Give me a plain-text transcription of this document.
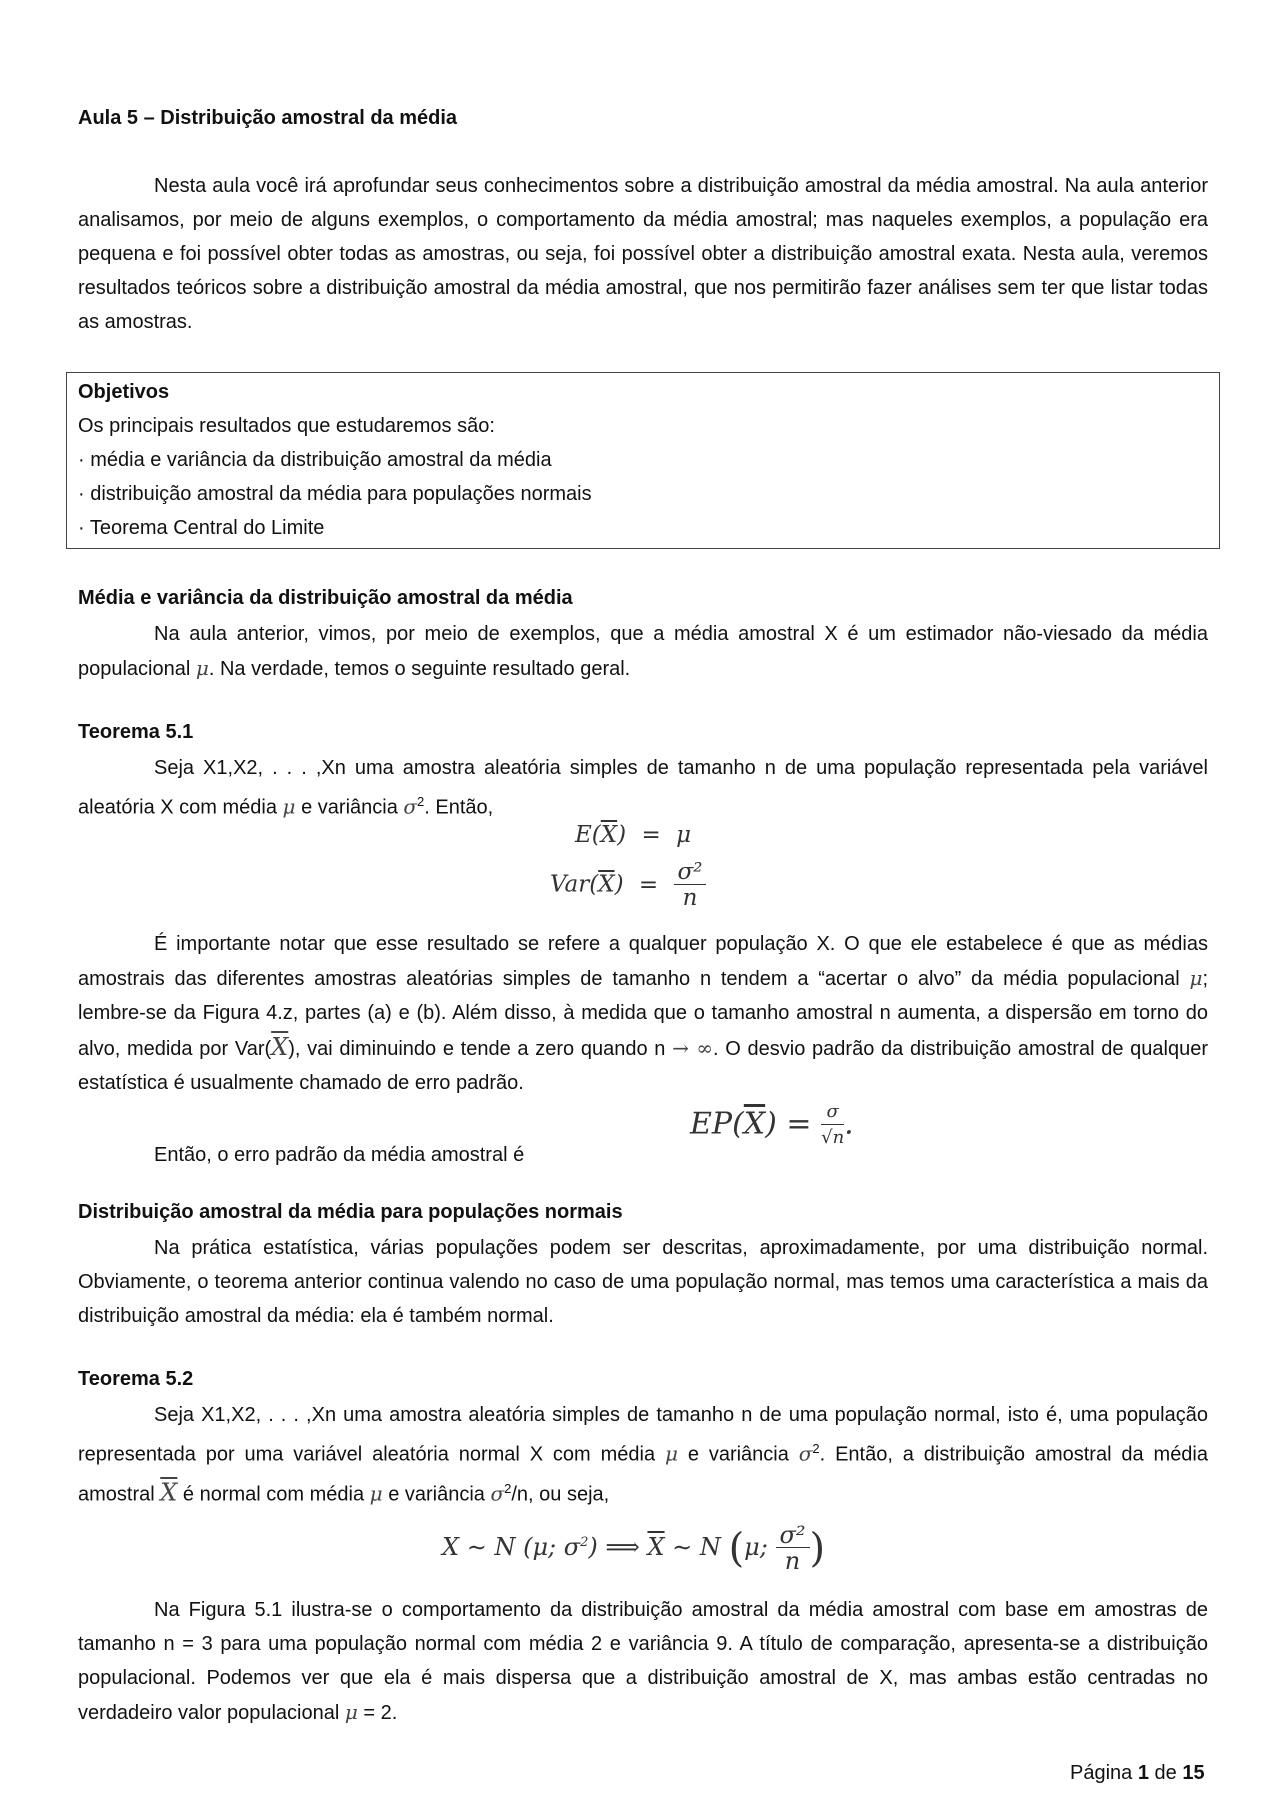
Aula 5 – Distribuição amostral da média

Nesta aula você irá aprofundar seus conhecimentos sobre a distribuição amostral da média amostral. Na aula anterior analisamos, por meio de alguns exemplos, o comportamento da média amostral; mas naqueles exemplos, a população era pequena e foi possível obter todas as amostras, ou seja, foi possível obter a distribuição amostral exata. Nesta aula, veremos resultados teóricos sobre a distribuição amostral da média amostral, que nos permitirão fazer análises sem ter que listar todas as amostras.

Objetivos
Os principais resultados que estudaremos são:
· média e variância da distribuição amostral da média
· distribuição amostral da média para populações normais
· Teorema Central do Limite

Média e variância da distribuição amostral da média

Na aula anterior, vimos, por meio de exemplos, que a média amostral X é um estimador não-viesado da média populacional μ. Na verdade, temos o seguinte resultado geral.

Teorema 5.1

Seja X1,X2, . . . ,Xn uma amostra aleatória simples de tamanho n de uma população representada pela variável aleatória X com média μ e variância $\sigma^2$. Então,

$E(\overline{X}) = \mu$
$Var(\overline{X}) = \frac{\text{σ²}}{n}$

É importante notar que esse resultado se refere a qualquer população X. O que ele estabelece é que as médias amostrais das diferentes amostras aleatórias simples de tamanho n tendem a “acertar o alvo” da média populacional μ; lembre-se da Figura 4.z, partes (a) e (b). Além disso, à medida que o tamanho amostral n aumenta, a dispersão em torno do alvo, medida por $Var(\overline{X})$, vai diminuindo e tende a zero quando n → ∞. O desvio padrão da distribuição amostral de qualquer estatística é usualmente chamado de erro padrão.

Então, o erro padrão da média amostral é

$EP(\overline{X}) = \frac{\sigma}{√n}$ .

Distribuição amostral da média para populações normais

Na prática estatística, várias populações podem ser descritas, aproximadamente, por uma distribuição normal. Obviamente, o teorema anterior continua valendo no caso de uma população normal, mas temos uma característica a mais da distribuição amostral da média: ela é também normal.

Teorema 5.2

Seja X1,X2, . . . ,Xn uma amostra aleatória simples de tamanho n de uma população normal, isto é, uma população representada por uma variável aleatória normal X com média μ e variância $\sigma^2$. Então, a distribuição amostral da média amostral $\overline{X}$ é normal com média μ e variância $\sigma^2/n$, ou seja,

X ∼ N (μ; $\sigma^2$) ⟹ $\overline{X}$ ∼ N (μ; $\frac{\text{σ²}}{n}$ )

Na Figura 5.1 ilustra-se o comportamento da distribuição amostral da média amostral com base em amostras de tamanho n = 3 para uma população normal com média 2 e variância 9. A título de comparação, apresenta-se a distribuição populacional. Podemos ver que ela é mais dispersa que a distribuição amostral de X, mas ambas estão centradas no verdadeiro valor populacional μ = 2.

Página 1 de 15
